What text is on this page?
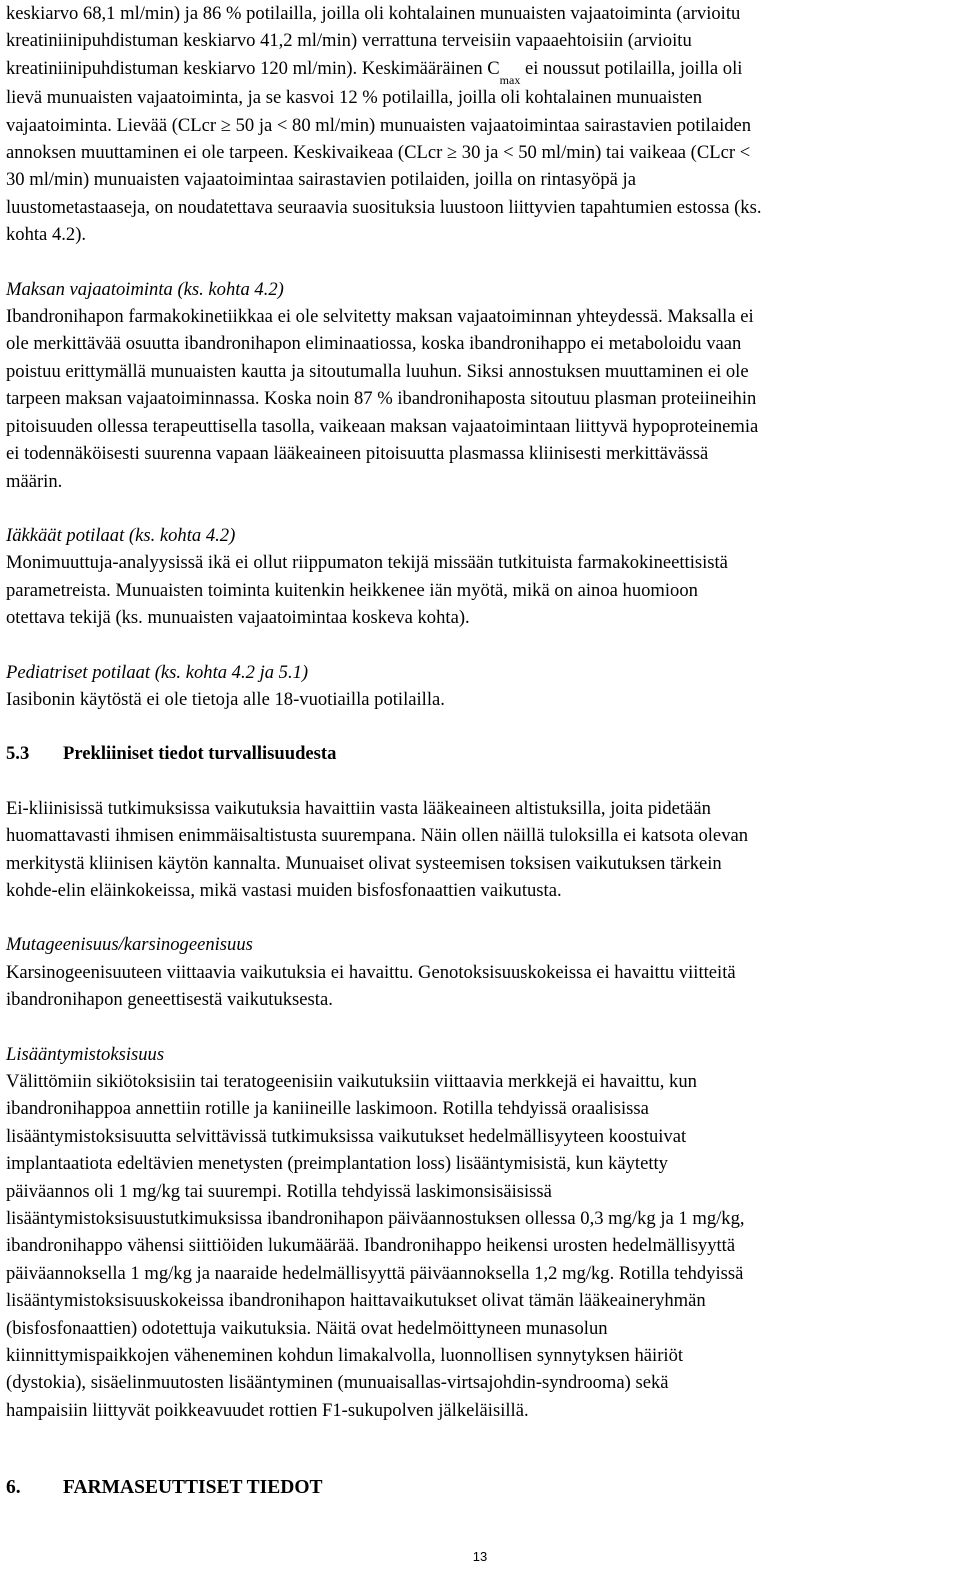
keskiarvo 68,1 ml/min) ja 86 % potilailla, joilla oli kohtalainen munuaisten vajaatoiminta (arvioitu
kreatiniinipuhdistuman keskiarvo 41,2 ml/min) verrattuna terveisiin vapaaehtoisiin (arvioitu
kreatiniinipuhdistuman keskiarvo 120 ml/min). Keskimääräinen $C_{max}$ ei noussut potilailla, joilla oli
lievä munuaisten vajaatoiminta, ja se kasvoi 12 % potilailla, joilla oli kohtalainen munuaisten
vajaatoiminta. Lievää (CLcr ≥ 50 ja < 80 ml/min) munuaisten vajaatoimintaa sairastavien potilaiden
annoksen muuttaminen ei ole tarpeen. Keskivaikeaa (CLcr ≥ 30 ja < 50 ml/min) tai vaikeaa (CLcr <
30 ml/min) munuaisten vajaatoimintaa sairastavien potilaiden, joilla on rintasyöpä ja
luustometastaaseja, on noudatettava seuraavia suosituksia luustoon liittyvien tapahtumien estossa (ks.
kohta 4.2).
Maksan vajaatoiminta (ks. kohta 4.2)
Ibandronihapon farmakokinetiikkaa ei ole selvitetty maksan vajaatoiminnan yhteydessä. Maksalla ei
ole merkittävää osuutta ibandronihapon eliminaatiossa, koska ibandronihappo ei metaboloidu vaan
poistuu erittymällä munuaisten kautta ja sitoutumalla luuhun. Siksi annostuksen muuttaminen ei ole
tarpeen maksan vajaatoiminnassa. Koska noin 87 % ibandronihaposta sitoutuu plasman proteiineihin
pitoisuuden ollessa terapeuttisella tasolla, vaikeaan maksan vajaatoimintaan liittyvä hypoproteinemia
ei todennäköisesti suurenna vapaan lääkeaineen pitoisuutta plasmassa kliinisesti merkittävässä
määrin.
Iäkkäät potilaat (ks. kohta 4.2)
Monimuuttuja-analyysissä ikä ei ollut riippumaton tekijä missään tutkituista farmakokineettisistä
parametreista. Munuaisten toiminta kuitenkin heikkenee iän myötä, mikä on ainoa huomioon
otettava tekijä (ks. munuaisten vajaatoimintaa koskeva kohta).
Pediatriset potilaat (ks. kohta 4.2 ja 5.1)
Iasibonin käytöstä ei ole tietoja alle 18-vuotiailla potilailla.
5.3	Prekliiniset tiedot turvallisuudesta
Ei-kliinisissä tutkimuksissa vaikutuksia havaittiin vasta lääkeaineen altistuksilla, joita pidetään
huomattavasti ihmisen enimmäisaltistusta suurempana. Näin ollen näillä tuloksilla ei katsota olevan
merkitystä kliinisen käytön kannalta. Munuaiset olivat systeemisen toksisen vaikutuksen tärkein
kohde-elin eläinkokeissa, mikä vastasi muiden bisfosfonaattien vaikutusta.
Mutageenisuus/karsinogeenisuus
Karsinogeenisuuteen viittaavia vaikutuksia ei havaittu. Genotoksisuuskokeissa ei havaittu viitteitä
ibandronihapon geneettisestä vaikutuksesta.
Lisääntymistoksisuus
Välittömiin sikiötoksisiin tai teratogeenisiin vaikutuksiin viittaavia merkkejä ei havaittu, kun
ibandronihappoa annettiin rotille ja kaniineille laskimoon. Rotilla tehdyissä oraalisissa
lisääntymistoksisuutta selvittävissä tutkimuksissa vaikutukset hedelmällisyyteen koostuivat
implantaatiota edeltävien menetysten (preimplantation loss) lisääntymisistä, kun käytetty
päiväannos oli 1 mg/kg tai suurempi. Rotilla tehdyissä laskimonsisäisissä
lisääntymistoksisuustutkimuksissa ibandronihapon päiväannostuksen ollessa 0,3 mg/kg ja 1 mg/kg,
ibandronihappo vähensi siittiöiden lukumäärää. Ibandronihappo heikensi urosten hedelmällisyyttä
päiväannoksella 1 mg/kg ja naaraide hedelmällisyyttä päiväannoksella 1,2 mg/kg. Rotilla tehdyissä
lisääntymistoksisuuskokeissa ibandronihapon haittavaikutukset olivat tämän lääkeaineryhmän
(bisfosfonaattien) odotettuja vaikutuksia. Näitä ovat hedelmöittyneen munasolun
kiinnittymispaikkojen väheneminen kohdun limakalvolla, luonnollisen synnytyksen häiriöt
(dystokia), sisäelinmuutosten lisääntyminen (munuaisallas-virtsajohdin-syndrooma) sekä
hampaisiin liittyvät poikkeavuudet rottien F1-sukupolven jälkeläisillä.
6.	FARMASEUTTISET TIEDOT
13
